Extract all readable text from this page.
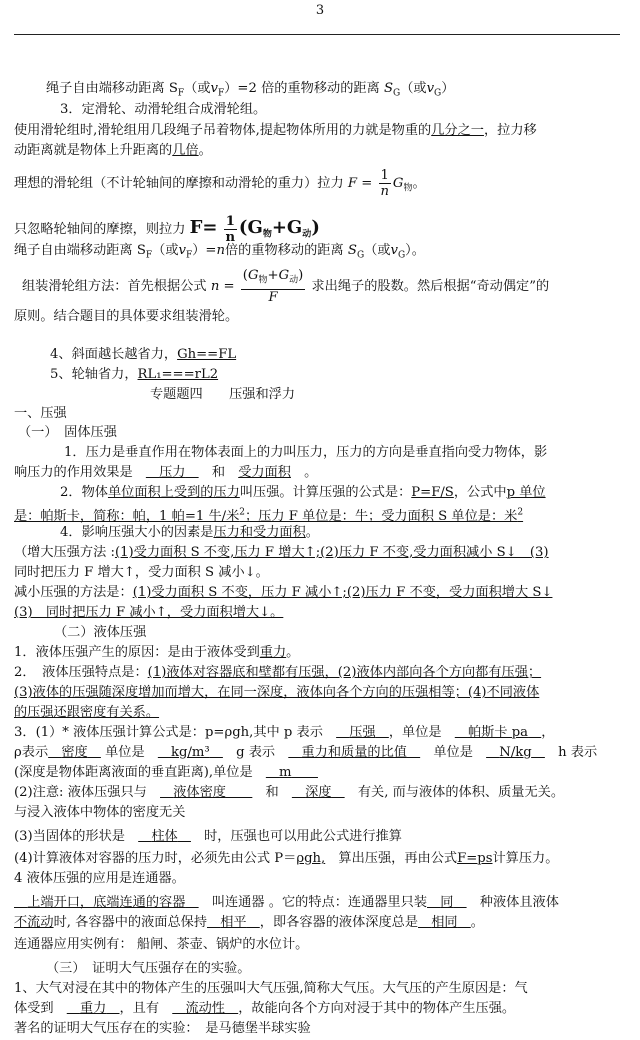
3
绳子自由端移动距离 $S_F$（或$v_F)=2$ 倍的重物移动的距离 $S_G$（或$v_G$）
3．定滑轮、动滑轮组合成滑轮组。
使用滑轮组时,滑轮组用几段绳子吊着物体,提起物体所用的力就是物重的几分之一，拉力移
动距离就是物体上升距离的几倍。
理想的滑轮组（不计轮轴间的摩擦和动滑轮的重力）拉力 $F = \frac{1}{n} G_物$。
只忽略轮轴间的摩擦，则拉力 $F= \frac{1}{n} (G_物+G_动)$
绳子自由端移动距离 $S_F$（或$v_F)=n$倍的重物移动的距离 $S_G$（或$v_G$）。
组装滑轮组方法：首先根据公式 $n = \frac{(G_物+G_动)}{F}$ 求出绳子的股数。然后根据“奇动偶定”的
原则。结合题目的具体要求组装滑轮。
4、斜面越长越省力，Gh==FL
5、轮轴省力，RL₁===rL2
专题题四　　压强和浮力
一、压强
（一）　固体压强
1．压力是垂直作用在物体表面上的力叫压力，压力的方向是垂直指向受力物体，影
响压力的作用效果是　　 压力　　 和　 受力面积　 。
2．物体单位面积上受到的压力叫压强。计算压强的公式是：P=F/S，公式中p 单位
是：帕斯卡，简称：帕，1 帕=1 牛/米$^2$；压力 F 单位是：牛；受力面积 S 单位是：米$^2$
4．影响压强大小的因素是压力和受力面积。
（增大压强方法 :(1)受力面积 S 不变,压力 F 增大↑;(2)压力 F 不变,受力面积减小 S↓　(3)
同时把压力 F 增大↑，受力面积 S 减小↓。
减小压强的方法是：(1)受力面积 S 不变，压力 F 减小↑;(2)压力 F 不变，受力面积增大 S↓
(3)　同时把压力 F 减小↑，受力面积增大↓。
（二）液体压强
1．液体压强产生的原因：是由于液体受到重力。
2．　液体压强特点是：(1)液体对容器底和壁都有压强，(2)液体内部向各个方向都有压强；
(3)液体的压强随深度增加而增大，在同一深度，液体向各个方向的压强相等；(4)不同液体
的压强还跟密度有关系。
3．(1）* 液体压强计算公式是：p=ρgh,其中 p 表示　　 压强　 ，单位是　　 帕斯卡 pa　 ，
ρ表示　 密度　 单位是　　 kg/m³　　 g 表示　　 重力和质量的比值　　 单位是　　 N/kg　　 h 表示
(深度是物体距离液面的垂直距离),单位是　　 m　　
(2)注意: 液体压强只与　　 液体密度　　　	和　　 深度　　 有关, 而与液体的体积、质量无关。
与浸入液体中物体的密度无关
(3)当固体的形状是　　 柱体　　 时，压强也可以用此公式进行推算
(4)计算液体对容器的压力时，必须先由公式 P＝ρgh,　 算出压强，再由公式F=ps计算压力。
4 液体压强的应用是连通器。
　上端开口，底端连通的容器　　 叫连通器 。它的特点：连通器里只装　 同　　 种液体且液体
不流动时, 各容器中的液面总保持　 相平　 ，即各容器的液体深度总是　 相同　 。
连通器应用实例有： 船闸、茶壶、锅炉的水位计。
（三）　证明大气压强存在的实验。
1、大气对浸在其中的物体产生的压强叫大气压强,简称大气压。大气压的产生原因是：气
体受到　　 重力　 ，且有　　 流动性　 ，故能向各个方向对浸于其中的物体产生压强。
著名的证明大气压存在的实验：　是马德堡半球实验
